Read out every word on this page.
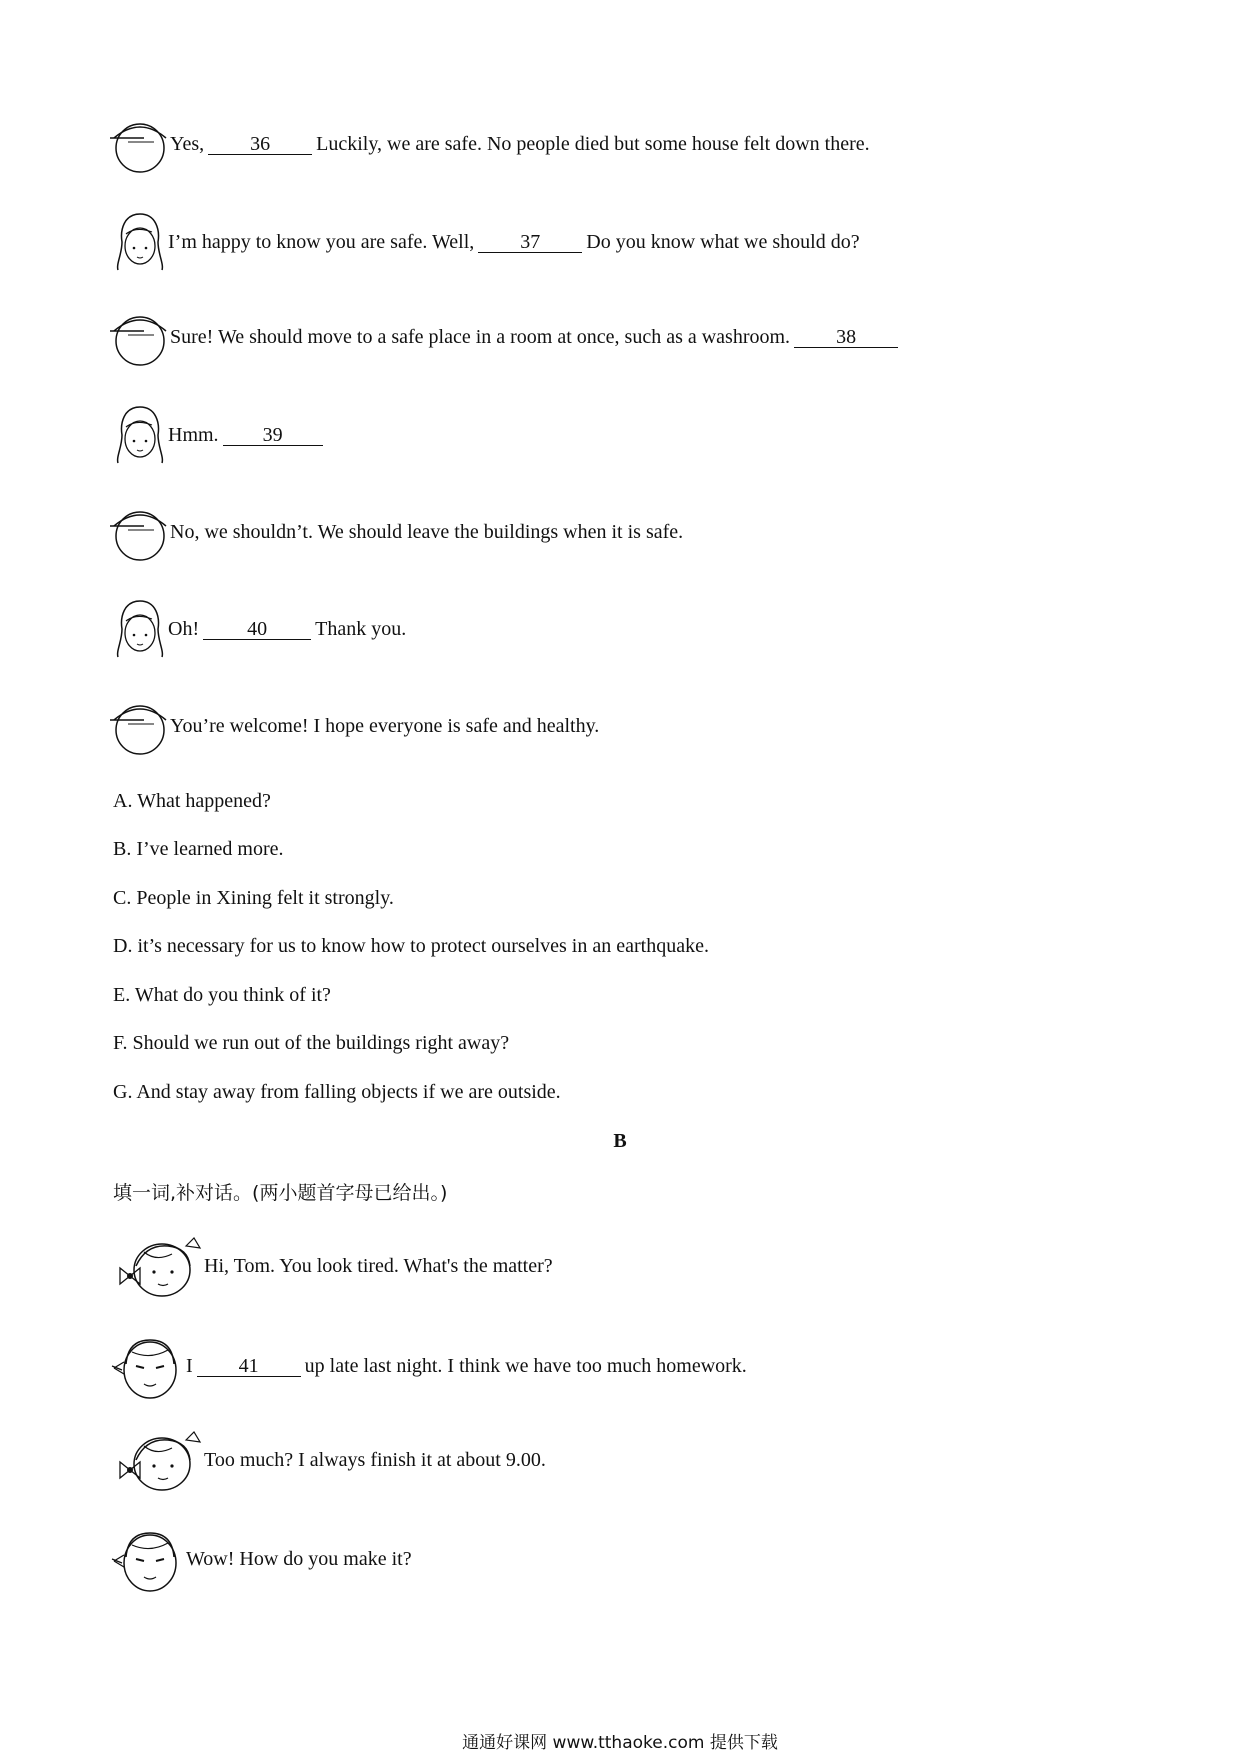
Yes,	36	Luckily, we are safe. No people died but some house felt down there.
I’m happy to know you are safe. Well,	37	Do you know what we should do?
Sure! We should move to a safe place in a room at once, such as a washroom.	38
Hmm.	39
No, we shouldn’t. We should leave the buildings when it is safe.
Oh!	40	Thank you.
You’re welcome! I hope everyone is safe and healthy.
A. What happened?
B. I’ve learned more.
C. People in Xining felt it strongly.
D. it’s necessary for us to know how to protect ourselves in an earthquake.
E. What do you think of it?
F. Should we run out of the buildings right away?
G. And stay away from falling objects if we are outside.
B
填一词,补对话。(两小题首字母已给出。)
Hi, Tom. You look tired. What's the matter?
I	41	up late last night. I think we have too much homework.
Too much? I always finish it at about 9.00.
Wow! How do you make it?
通通好课网 www.tthaoke.com 提供下载
